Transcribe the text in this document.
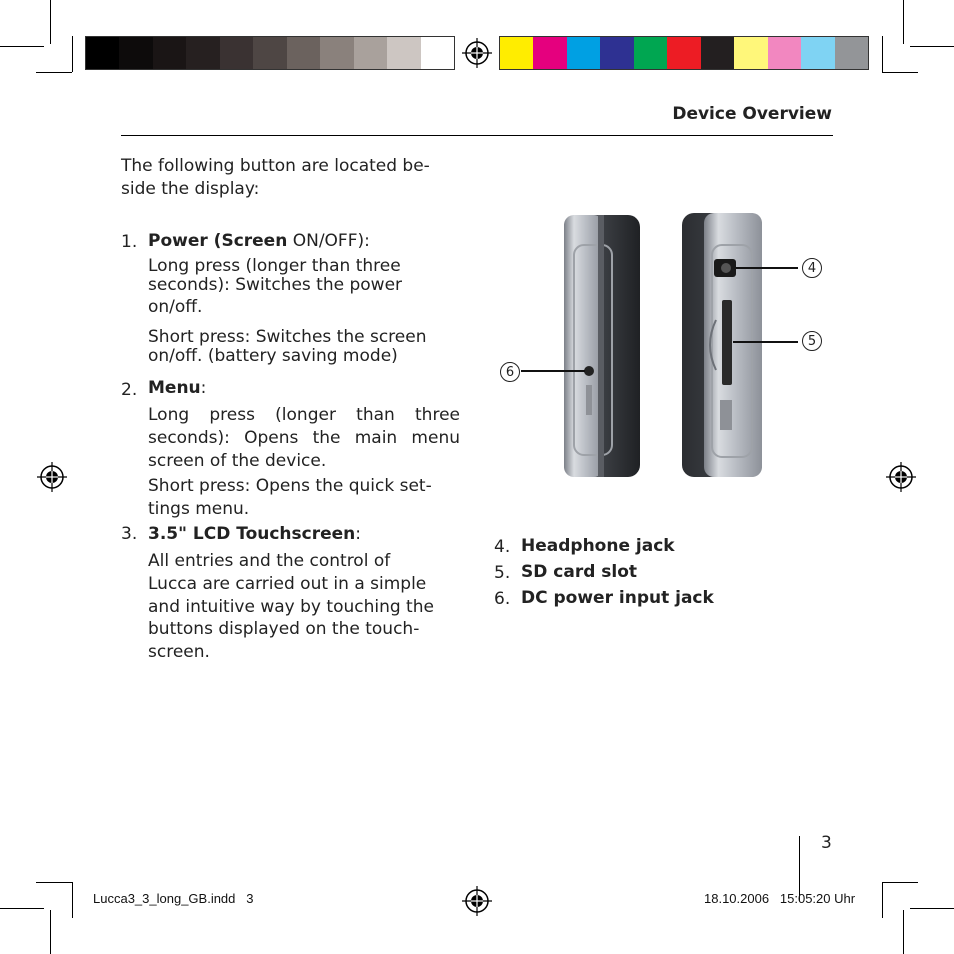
Device Overview
The following button are located be-
side the display:
1. Power (Screen ON/OFF):
Long press (longer than three
seconds): Switches the power
on/off.
Short press: Switches the screen
on/off. (battery saving mode)
2. Menu:
Long press (longer than three
seconds): Opens the main menu
screen of the device.
Short press: Opens the quick set-
tings menu.
3. 3.5" LCD Touchscreen:
All entries and the control of
Lucca are carried out in a simple
and intuitive way by touching the
buttons displayed on the touch-
screen.
4
5
6
4. Headphone jack
5. SD card slot
6. DC power input jack
3
Lucca3_3_long_GB.indd   3	18.10.2006   15:05:20 Uhr
